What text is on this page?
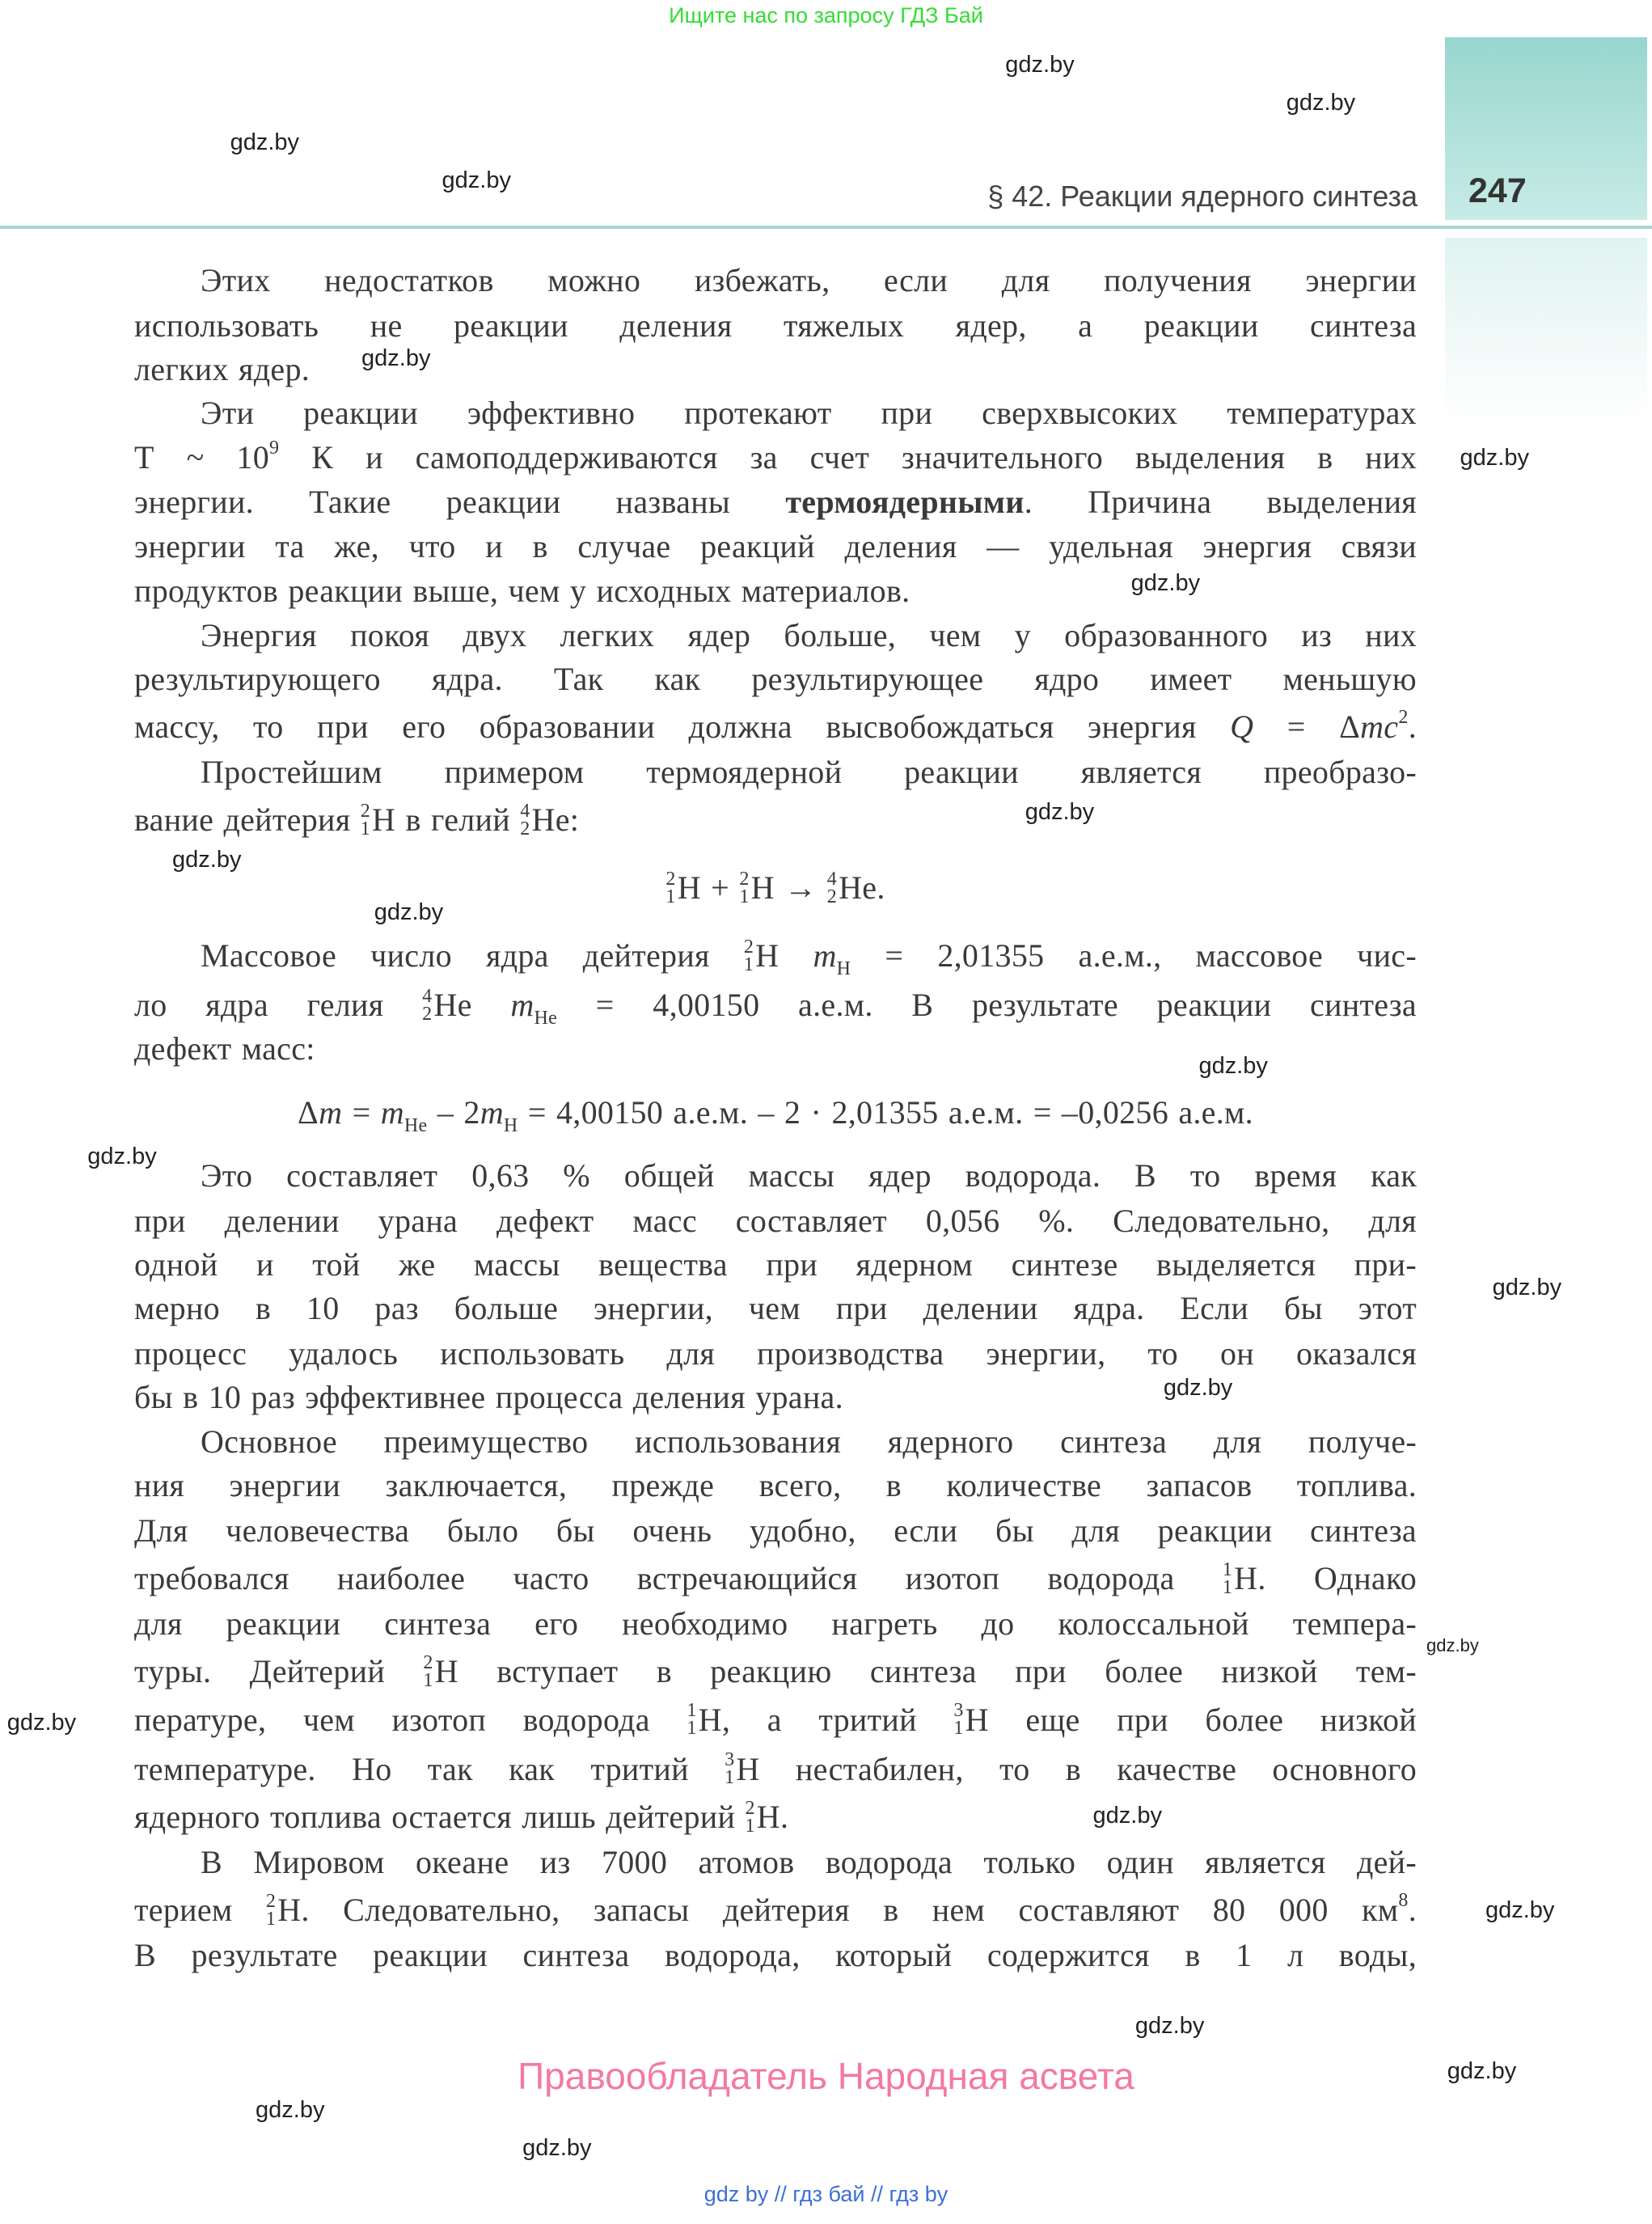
Ищите нас по запросу ГДЗ Бай
§ 42. Реакции ядерного синтеза 247
Этих недостатков можно избежать, если для получения энергии
использовать не реакции деления тяжелых ядер, а реакции синтеза
легких ядер.
Эти реакции эффективно протекают при сверхвысоких температурах
Т ~ $10^9$ К и самоподдерживаются за счет значительного выделения в них
энергии. Такие реакции названы термоядерными. Причина выделения
энергии та же, что и в случае реакций деления — удельная энергия связи
продуктов реакции выше, чем у исходных материалов.
Энергия покоя двух легких ядер больше, чем у образованного из них
результирующего ядра. Так как результирующее ядро имеет меньшую
массу, то при его образовании должна высвобождаться энергия Q = Δmc$^2$.
Простейшим примером термоядерной реакции является преобразо-
вание дейтерия 2
1 H в гелий 4
2 He:
2
1 H + 2
1 H → 4
2 He.
Массовое число ядра дейтерия 2
1 H $m_H = 2,01355$ а.е.м., массовое чис-
ло ядра гелия 4
2 He $m_{He} = 4,00150$ а.е.м. В результате реакции синтеза
дефект масс:
$\Delta m = m_{He} - 2m_H = 4,00150$ а.е.м. – 2 · 2,01355 а.е.м. = –0,0256 а.е.м.
Это составляет 0,63 % общей массы ядер водорода. В то время как
при делении урана дефект масс составляет 0,056 %. Следовательно, для
одной и той же массы вещества при ядерном синтезе выделяется при-
мерно в 10 раз больше энергии, чем при делении ядра. Если бы этот
процесс удалось использовать для производства энергии, то он оказался
бы в 10 раз эффективнее процесса деления урана.
Основное преимущество использования ядерного синтеза для получе-
ния энергии заключается, прежде всего, в количестве запасов топлива.
Для человечества было бы очень удобно, если бы для реакции синтеза
требовался наиболее часто встречающийся изотоп водорода 1
1 H. Однако
для реакции синтеза его необходимо нагреть до колоссальной темпера-
туры. Дейтерий 2
1 H вступает в реакцию синтеза при более низкой тем-
пературе, чем изотоп водорода 1
1 H, а тритий 3
1 H еще при более низкой
температуре. Но так как тритий 3
1 H нестабилен, то в качестве основного
ядерного топлива остается лишь дейтерий 2
1 H.
В Мировом океане из 7000 атомов водорода только один является дей-
терием 2
1 H. Следовательно, запасы дейтерия в нем составляют 80 000 $км^8$.
В результате реакции синтеза водорода, который содержится в 1 л воды,
gdz.by
gdz.by
gdz.by
gdz.by
gdz.by
gdz.by
gdz.by
gdz.by
gdz.by
gdz.by
gdz.by
gdz.by
gdz.by
gdz.by
gdz.by
gdz.by
gdz.by
gdz.by
gdz.by
gdz.by
gdz.by
gdz.by
Правообладатель Народная асвета
gdz by // гдз бай // гдз by
